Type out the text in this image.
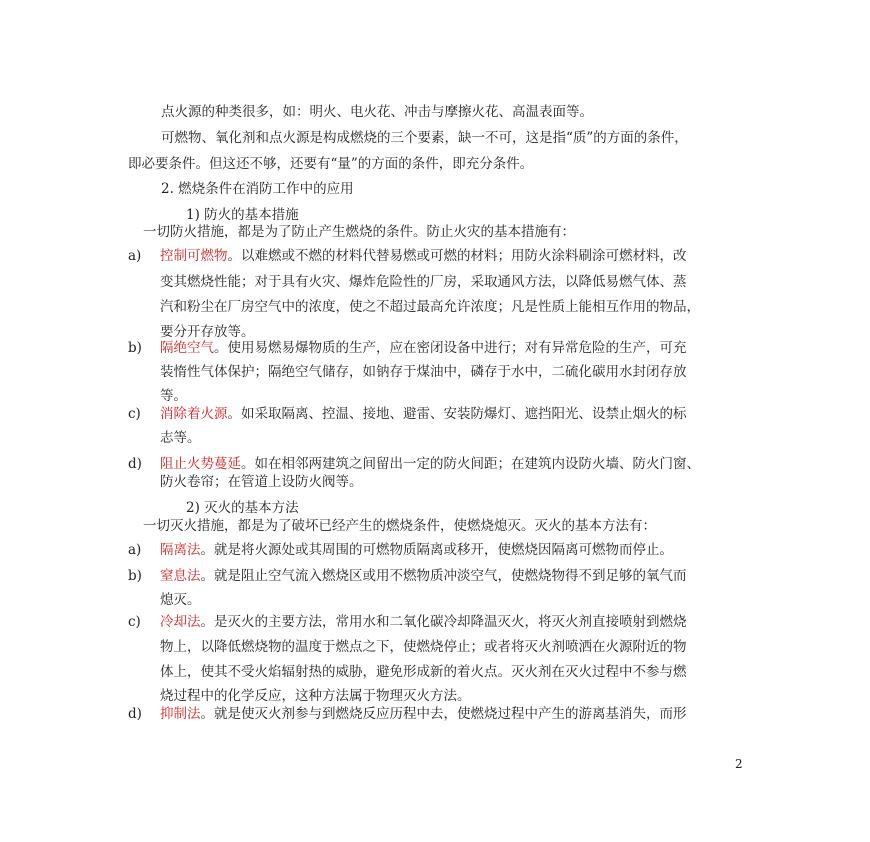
点火源的种类很多，如：明火、电火花、冲击与摩擦火花、高温表面等。
可燃物、氧化剂和点火源是构成燃烧的三个要素，缺一不可，这是指“质”的方面的条件，
即必要条件。但这还不够，还要有“量”的方面的条件，即充分条件。
2. 燃烧条件在消防工作中的应用
1) 防火的基本措施
一切防火措施，都是为了防止产生燃烧的条件。防止火灾的基本措施有：
a) 控制可燃物。以难燃或不燃的材料代替易燃或可燃的材料；用防火涂料刷涂可燃材料，改
变其燃烧性能；对于具有火灾、爆炸危险性的厂房，采取通风方法，以降低易燃气体、蒸
汽和粉尘在厂房空气中的浓度，使之不超过最高允许浓度；凡是性质上能相互作用的物品，
要分开存放等。
b) 隔绝空气。使用易燃易爆物质的生产，应在密闭设备中进行；对有异常危险的生产，可充
装惰性气体保护；隔绝空气储存，如钠存于煤油中，磷存于水中，二硫化碳用水封闭存放
等。
c) 消除着火源。如采取隔离、控温、接地、避雷、安装防爆灯、遮挡阳光、设禁止烟火的标
志等。
d) 阻止火势蔓延。如在相邻两建筑之间留出一定的防火间距；在建筑内设防火墙、防火门窗、
防火卷帘；在管道上设防火阀等。
2) 灭火的基本方法
一切灭火措施，都是为了破坏已经产生的燃烧条件，使燃烧熄灭。灭火的基本方法有：
a) 隔离法。就是将火源处或其周围的可燃物质隔离或移开，使燃烧因隔离可燃物而停止。
b) 窒息法。就是阻止空气流入燃烧区或用不燃物质冲淡空气，使燃烧物得不到足够的氧气而
熄灭。
c) 冷却法。是灭火的主要方法，常用水和二氧化碳冷却降温灭火，将灭火剂直接喷射到燃烧
物上，以降低燃烧物的温度于燃点之下，使燃烧停止；或者将灭火剂喷洒在火源附近的物
体上，使其不受火焰辐射热的威胁，避免形成新的着火点。灭火剂在灭火过程中不参与燃
烧过程中的化学反应，这种方法属于物理灭火方法。
d) 抑制法。就是使灭火剂参与到燃烧反应历程中去，使燃烧过程中产生的游离基消失，而形
2
